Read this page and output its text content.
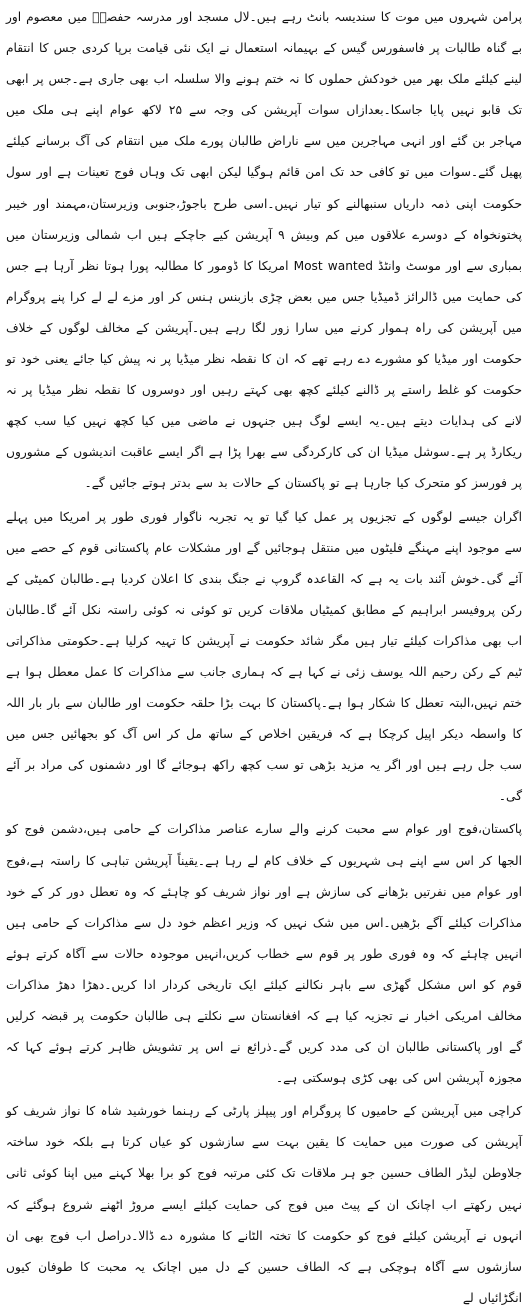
پرامن شہروں میں موت کا سندیسہ بانٹ رہے ہیں۔لال مسجد اور مدرسہ حفصہؓ میں معصوم اور بے گناہ طالبات پر فاسفورس گیس کے بہیمانہ استعمال نے ایک نئی قیامت برپا کردی جس کا انتقام لینے کیلئے ملک بھر میں خودکش حملوں کا نہ ختم ہونے والا سلسلہ اب بھی جاری ہے۔جس پر ابھی تک قابو نہیں پایا جاسکا۔بعدازاں سوات آپریشن کی وجہ سے ۲۵ لاکھ عوام اپنے ہی ملک میں مہاجر بن گئے اور انہی مہاجرین میں سے ناراض طالبان پورے ملک میں انتقام کی آگ برسانے کیلئے پھیل گئے۔سوات میں تو کافی حد تک امن قائم ہوگیا لیکن ابھی تک وہاں فوج تعینات ہے اور سول حکومت اپنی ذمہ داریاں سنبھالنے کو تیار نہیں۔اسی طرح باجوڑ،جنوبی وزیرستان،مہمند اور خیبر پختونخواہ کے دوسرے علاقوں میں کم وبیش ۹ آپریشن کیے جاچکے ہیں اب شمالی وزیرستان میں بمباری سے اور موسٹ وانٹڈ Most wanted امریکا کا ڈومور کا مطالبہ پورا ہوتا نظر آرہا ہے جس کی حمایت میں ڈالرائز ڈمیڈیا جس میں بعض چڑی بازبنس ہنس کر اور مزے لے لے کرا پنے پروگرام میں آپریشن کی راہ ہموار کرنے میں سارا زور لگا رہے ہیں۔آپریشن کے مخالف لوگوں کے خلاف حکومت اور میڈیا کو مشورے دے رہے تھے کہ ان کا نقطہ نظر میڈیا پر نہ پیش کیا جائے یعنی خود تو حکومت کو غلط راستے پر ڈالنے کیلئے کچھ بھی کہتے رہیں اور دوسروں کا نقطہ نظر میڈیا پر نہ لانے کی ہدایات دیتے ہیں۔یہ ایسے لوگ ہیں جنہوں نے ماضی میں کیا کچھ نہیں کیا سب کچھ ریکارڈ پر ہے۔سوشل میڈیا ان کی کارکردگی سے بھرا پڑا ہے اگر ایسے عاقبت اندیشوں کے مشوروں پر فورسز کو متحرک کیا جارہا ہے تو پاکستان کے حالات بد سے بدتر ہوتے جائیں گے۔

اگران جیسے لوگوں کے تجزیوں پر عمل کیا گیا تو یہ تجربہ ناگوار فوری طور پر امریکا میں پہلے سے موجود اپنے مہنگے فلیٹوں میں منتقل ہوجائیں گے اور مشکلات عام پاکستانی قوم کے حصے میں آئے گی۔خوش آئند بات یہ ہے کہ القاعدہ گروپ نے جنگ بندی کا اعلان کردیا ہے۔طالبان کمیٹی کے رکن پروفیسر ابراہیم کے مطابق کمیٹیاں ملاقات کریں تو کوئی نہ کوئی راستہ نکل آئے گا۔طالبان اب بھی مذاکرات کیلئے تیار ہیں مگر شائد حکومت نے آپریشن کا تہیہ کرلیا ہے۔حکومتی مذاکراتی ٹیم کے رکن رحیم اللہ یوسف زئی نے کہا ہے کہ ہماری جانب سے مذاکرات کا عمل معطل ہوا ہے ختم نہیں،البتہ تعطل کا شکار ہوا ہے۔پاکستان کا بہت بڑا حلقہ حکومت اور طالبان سے بار بار اللہ کا واسطہ دیکر اپیل کرچکا ہے کہ فریقین اخلاص کے ساتھ مل کر اس آگ کو بجھائیں جس میں سب جل رہے ہیں اور اگر یہ مزید بڑھی تو سب کچھ راکھ ہوجائے گا اور دشمنوں کی مراد بر آئے گی۔

پاکستان،فوج اور عوام سے محبت کرنے والے سارے عناصر مذاکرات کے حامی ہیں،دشمن فوج کو الجھا کر اس سے اپنے ہی شہریوں کے خلاف کام لے رہا ہے۔یقیناً آپریشن تباہی کا راستہ ہے،فوج اور عوام میں نفرتیں بڑھانے کی سازش ہے اور نواز شریف کو چاہئے کہ وہ تعطل دور کر کے خود مذاکرات کیلئے آگے بڑھیں۔اس میں شک نہیں کہ وزیر اعظم خود دل سے مذاکرات کے حامی ہیں انہیں چاہئے کہ وہ فوری طور پر قوم سے خطاب کریں،انہیں موجودہ حالات سے آگاہ کرتے ہوئے قوم کو اس مشکل گھڑی سے باہر نکالنے کیلئے ایک تاریخی کردار ادا کریں۔دھڑا دھڑ مذاکرات مخالف امریکی اخبار نے تجزیہ کیا ہے کہ افغانستان سے نکلتے ہی طالبان حکومت پر قبضہ کرلیں گے اور پاکستانی طالبان ان کی مدد کریں گے۔ذرائع نے اس پر تشویش ظاہر کرتے ہوئے کہا کہ مجوزہ آپریشن اس کی بھی کڑی ہوسکتی ہے۔

کراچی میں آپریشن کے حامیوں کا پروگرام اور پیپلز پارٹی کے رہنما خورشید شاہ کا نواز شریف کو آپریشن کی صورت میں حمایت کا یقین بہت سے سازشوں کو عیاں کرتا ہے بلکہ خود ساختہ جلاوطن لیڈر الطاف حسین جو ہر ملاقات تک کئی مرتبہ فوج کو برا بھلا کہنے میں اپنا کوئی ثانی نہیں رکھتے اب اچانک ان کے پیٹ میں فوج کی حمایت کیلئے ایسے مروڑ اٹھنے شروع ہوگئے کہ انہوں نے آپریشن کیلئے فوج کو حکومت کا تختہ الٹانے کا مشورہ دے ڈالا۔دراصل اب فوج بھی ان سازشوں سے آگاہ ہوچکی ہے کہ الطاف حسین کے دل میں اچانک یہ محبت کا طوفان کیوں انگڑائیاں لے
